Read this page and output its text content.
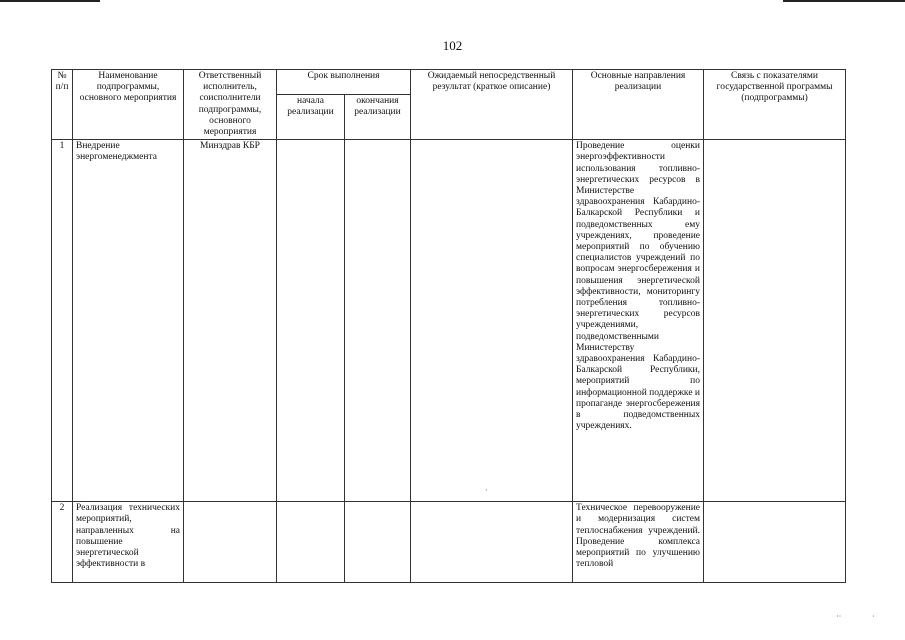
102
№ п/п	Наименование подпрограммы, основного мероприятия	Ответственный исполнитель, соисполнители подпрограммы, основного мероприятия	Срок выполнения		Ожидаемый непосредственный результат (краткое описание)	Основные направления реализации	Связь с показателями государственной программы (подпрограммы)
			начала реализации	окончания реализации			
1	Внедрение энергоменеджмента	Минздрав КБР				Проведение оценки энергоэффективности использования топливно-энергетических ресурсов в Министерстве здравоохранения Кабардино-Балкарской Республики и подведомственных ему учреждениях, проведение мероприятий по обучению специалистов учреждений по вопросам энергосбережения и повышения энергетической эффективности, мониторингу потребления топливно-энергетических ресурсов учреждениями, подведомственными Министерству здравоохранения Кабардино-Балкарской Республики, мероприятий по информационной поддержке и пропаганде энергосбережения в подведомственных учреждениях.	
2	Реализация технических мероприятий, направленных на повышение энергетической эффективности в					Техническое перевооружение и модернизация систем теплоснабжения учреждений. Проведение комплекса мероприятий по улучшению тепловой	
·
··	·
